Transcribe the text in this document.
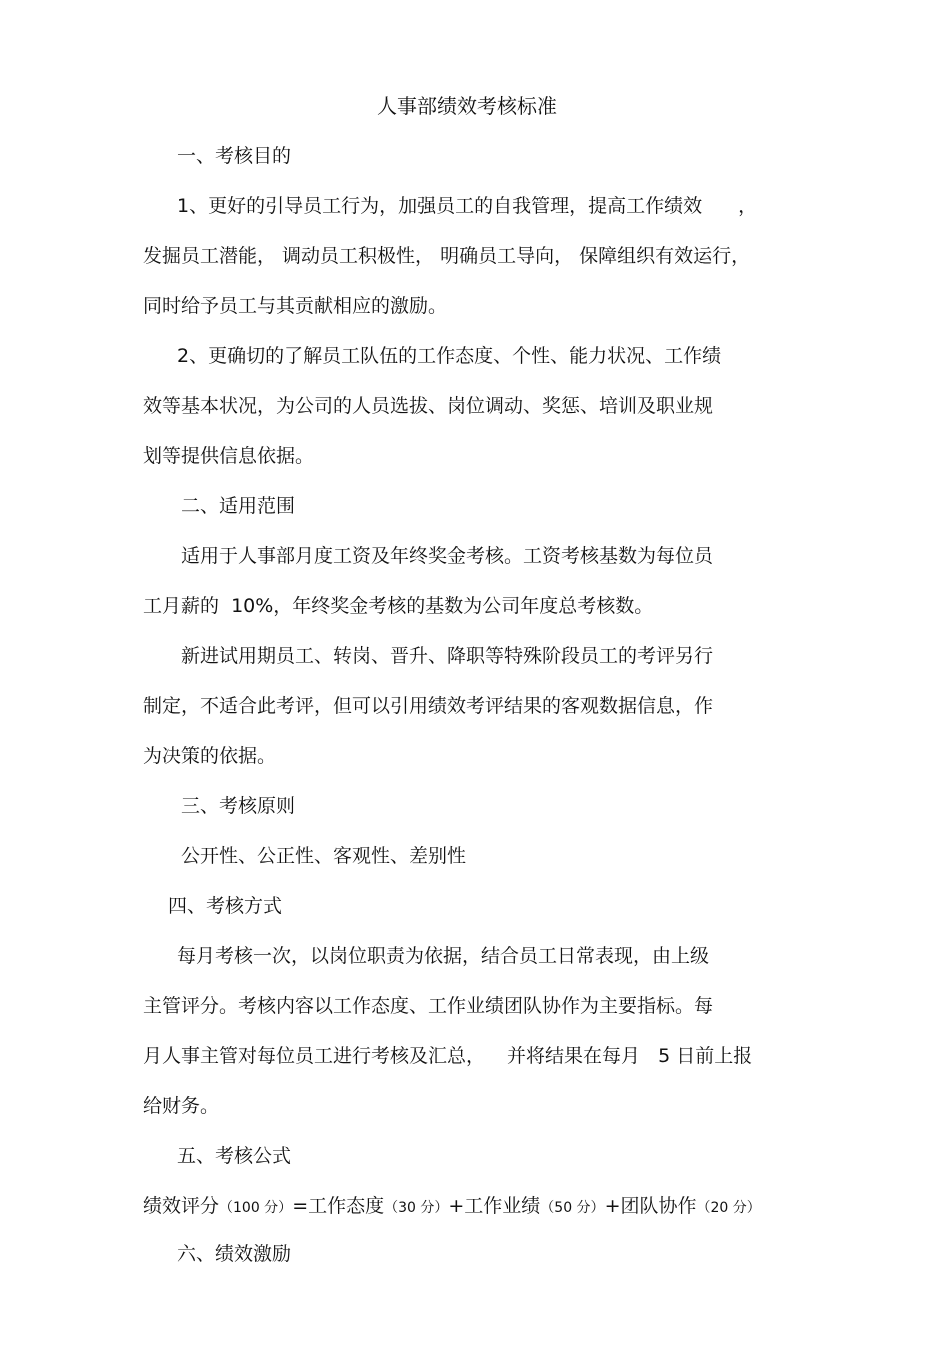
人事部绩效考核标准
一、考核目的
1、更好的引导员工行为，加强员工的自我管理，提高工作绩效 ，
发掘员工潜能， 调动员工积极性， 明确员工导向， 保障组织有效运行，
同时给予员工与其贡献相应的激励。
2、更确切的了解员工队伍的工作态度、个性、能力状况、工作绩
效等基本状况，为公司的人员选拔、岗位调动、奖惩、培训及职业规
划等提供信息依据。
二、适用范围
适用于人事部月度工资及年终奖金考核。工资考核基数为每位员
工月薪的  10%，年终奖金考核的基数为公司年度总考核数。
新进试用期员工、转岗、晋升、降职等特殊阶段员工的考评另行
制定，不适合此考评，但可以引用绩效考评结果的客观数据信息，作
为决策的依据。
三、考核原则
公开性、公正性、客观性、差别性
四、考核方式
每月考核一次，以岗位职责为依据，结合员工日常表现，由上级
主管评分。考核内容以工作态度、工作业绩团队协作为主要指标。每
月人事主管对每位员工进行考核及汇总， 并将结果在每月   5 日前上报
给财务。
五、考核公式
绩效评分（100 分）=工作态度（30 分）+工作业绩（50 分）+团队协作（20 分）
六、绩效激励
